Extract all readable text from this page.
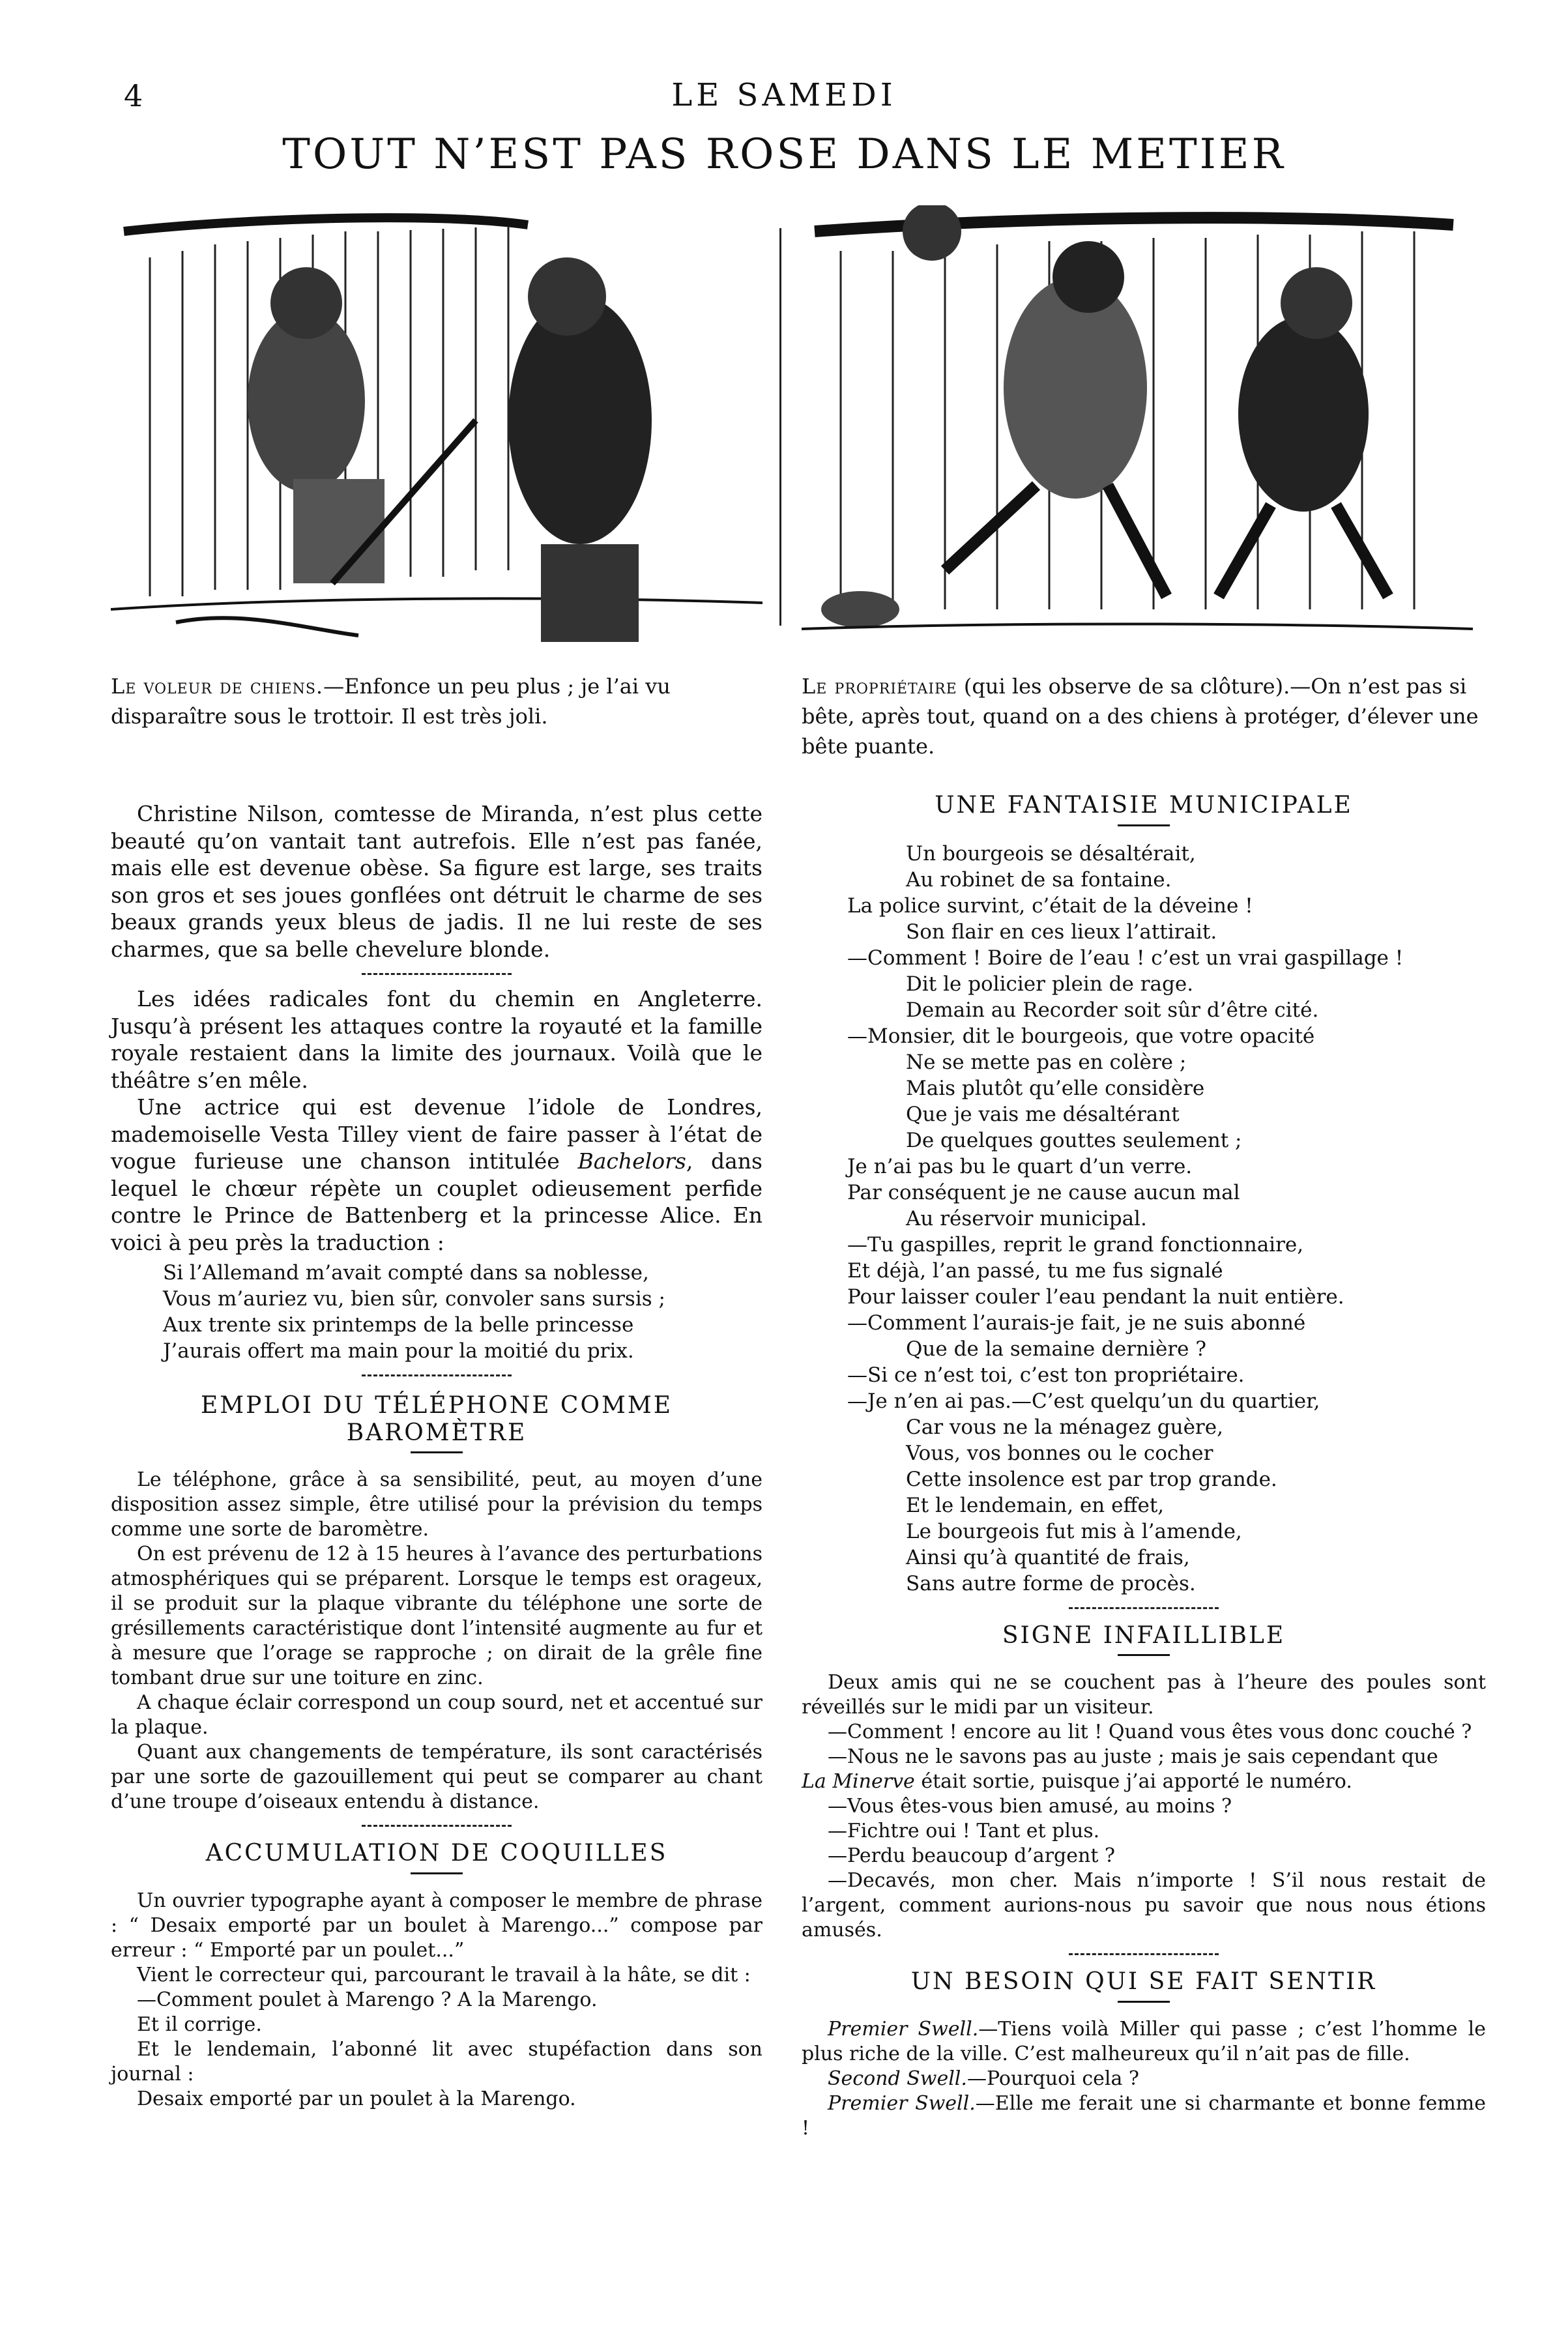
4	LE SAMEDI
TOUT N’EST PAS ROSE DANS LE METIER
Le voleur de chiens.—Enfonce un peu plus ; je l’ai vu disparaître sous le trottoir. Il est très joli.
Le propriétaire (qui les observe de sa clôture).—On n’est pas si bête, après tout, quand on a des chiens à protéger, d’élever une bête puante.

Christine Nilson, comtesse de Miranda, n’est plus cette beauté qu’on vantait tant autrefois. Elle n’est pas fanée, mais elle est devenue obèse. Sa figure est large, ses traits son gros et ses joues gonflées ont détruit le charme de ses beaux grands yeux bleus de jadis. Il ne lui reste de ses charmes, que sa belle chevelure blonde.

Les idées radicales font du chemin en Angleterre. Jusqu’à présent les attaques contre la royauté et la famille royale restaient dans la limite des journaux. Voilà que le théâtre s’en mêle.

Une actrice qui est devenue l’idole de Londres, mademoiselle Vesta Tilley vient de faire passer à l’état de vogue furieuse une chanson intitulée Bachelors, dans lequel le chœur répète un couplet odieusement perfide contre le Prince de Battenberg et la princesse Alice. En voici à peu près la traduction :

Si l’Allemand m’avait compté dans sa noblesse,
Vous m’auriez vu, bien sûr, convoler sans sursis ;
Aux trente six printemps de la belle princesse
J’aurais offert ma main pour la moitié du prix.
EMPLOI DU TÉLÉPHONE COMME BAROMÈTRE

Le téléphone, grâce à sa sensibilité, peut, au moyen d’une disposition assez simple, être utilisé pour la prévision du temps comme une sorte de baromètre.

On est prévenu de 12 à 15 heures à l’avance des perturbations atmosphériques qui se préparent. Lorsque le temps est orageux, il se produit sur la plaque vibrante du téléphone une sorte de grésillements caractéristique dont l’intensité augmente au fur et à mesure que l’orage se rapproche ; on dirait de la grêle fine tombant drue sur une toiture en zinc.

A chaque éclair correspond un coup sourd, net et accentué sur la plaque.

Quant aux changements de température, ils sont caractérisés par une sorte de gazouillement qui peut se comparer au chant d’une troupe d’oiseaux entendu à distance.

ACCUMULATION DE COQUILLES

Un ouvrier typographe ayant à composer le membre de phrase : “ Desaix emporté par un boulet à Marengo...” compose par erreur : “ Emporté par un poulet...”

Vient le correcteur qui, parcourant le travail à la hâte, se dit :

—Comment poulet à Marengo ? A la Marengo.

Et il corrige.

Et le lendemain, l’abonné lit avec stupéfaction dans son journal :

Desaix emporté par un poulet à la Marengo.

UNE FANTAISIE MUNICIPALE
Un bourgeois se désaltérait,
Au robinet de sa fontaine.
La police survint, c’était de la déveine !
Son flair en ces lieux l’attirait.
—Comment ! Boire de l’eau ! c’est un vrai gaspillage !
Dit le policier plein de rage.
Demain au Recorder soit sûr d’être cité.
—Monsier, dit le bourgeois, que votre opacité
Ne se mette pas en colère ;
Mais plutôt qu’elle considère
Que je vais me désaltérant
De quelques gouttes seulement ;
Je n’ai pas bu le quart d’un verre.
Par conséquent je ne cause aucun mal
Au réservoir municipal.
—Tu gaspilles, reprit le grand fonctionnaire,
Et déjà, l’an passé, tu me fus signalé
Pour laisser couler l’eau pendant la nuit entière.
—Comment l’aurais-je fait, je ne suis abonné
Que de la semaine dernière ?
—Si ce n’est toi, c’est ton propriétaire.
—Je n’en ai pas.—C’est quelqu’un du quartier,
Car vous ne la ménagez guère,
Vous, vos bonnes ou le cocher
Cette insolence est par trop grande.
Et le lendemain, en effet,
Le bourgeois fut mis à l’amende,
Ainsi qu’à quantité de frais,
Sans autre forme de procès.
SIGNE INFAILLIBLE

Deux amis qui ne se couchent pas à l’heure des poules sont réveillés sur le midi par un visiteur.

—Comment ! encore au lit ! Quand vous êtes vous donc couché ?

—Nous ne le savons pas au juste ; mais je sais cependant que

La Minerve était sortie, puisque j’ai apporté le numéro.

—Vous êtes-vous bien amusé, au moins ?

—Fichtre oui ! Tant et plus.

—Perdu beaucoup d’argent ?

—Decavés, mon cher. Mais n’importe ! S’il nous restait de l’argent, comment aurions-nous pu savoir que nous nous étions amusés.

UN BESOIN QUI SE FAIT SENTIR

Premier Swell.—Tiens voilà Miller qui passe ; c’est l’homme le plus riche de la ville. C’est malheureux qu’il n’ait pas de fille.

Second Swell.—Pourquoi cela ?

Premier Swell.—Elle me ferait une si charmante et bonne femme !
